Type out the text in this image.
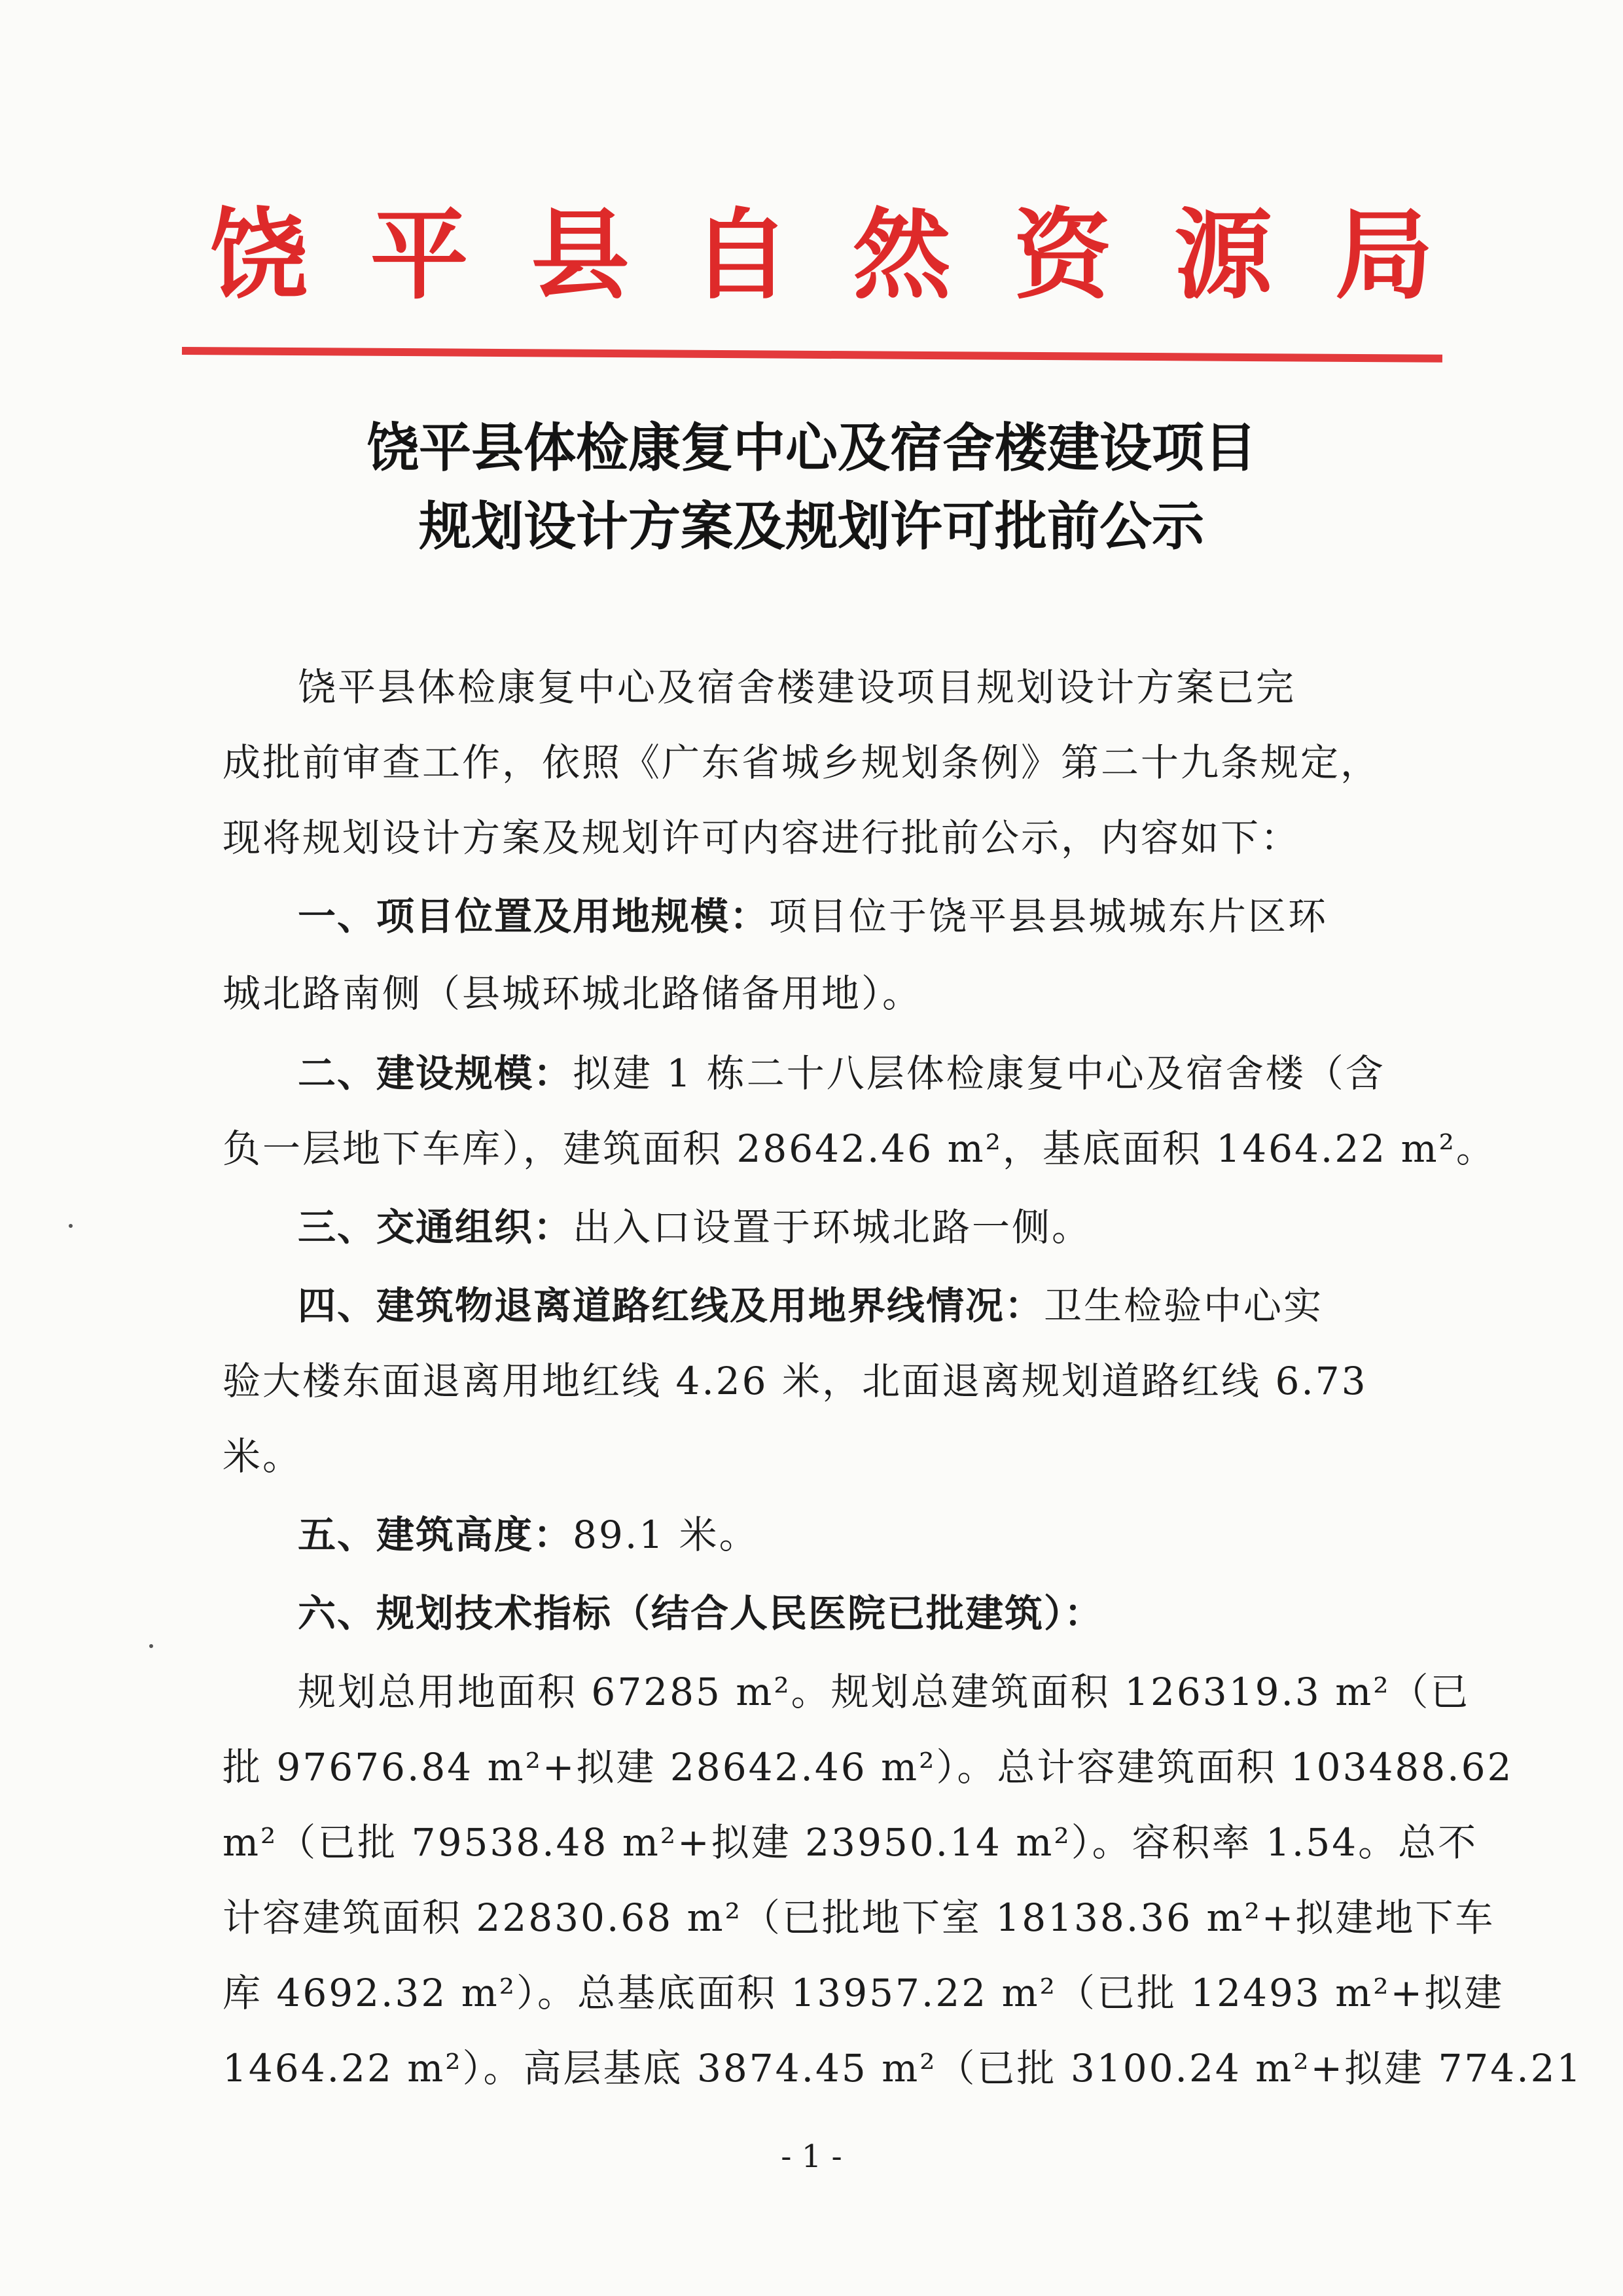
饶 平 县 自 然 资 源 局
饶平县体检康复中心及宿舍楼建设项目
规划设计方案及规划许可批前公示
饶平县体检康复中心及宿舍楼建设项目规划设计方案已完
成批前审查工作，依照《广东省城乡规划条例》第二十九条规定，
现将规划设计方案及规划许可内容进行批前公示，内容如下：
一、项目位置及用地规模：项目位于饶平县县城城东片区环
城北路南侧（县城环城北路储备用地）。
二、建设规模：拟建 1 栋二十八层体检康复中心及宿舍楼（含
负一层地下车库），建筑面积 28642.46 m²，基底面积 1464.22 m²。
三、交通组织：出入口设置于环城北路一侧。
四、建筑物退离道路红线及用地界线情况：卫生检验中心实
验大楼东面退离用地红线 4.26 米，北面退离规划道路红线 6.73
米。
五、建筑高度：89.1 米。
六、规划技术指标（结合人民医院已批建筑）：
规划总用地面积 67285 m²。规划总建筑面积 126319.3 m²（已
批 97676.84 m²+拟建 28642.46 m²）。总计容建筑面积 103488.62
m²（已批 79538.48 m²+拟建 23950.14 m²）。容积率 1.54。总不
计容建筑面积 22830.68 m²（已批地下室 18138.36 m²+拟建地下车
库 4692.32 m²）。总基底面积 13957.22 m²（已批 12493 m²+拟建
1464.22 m²）。高层基底 3874.45 m²（已批 3100.24 m²+拟建 774.21
- 1 -
